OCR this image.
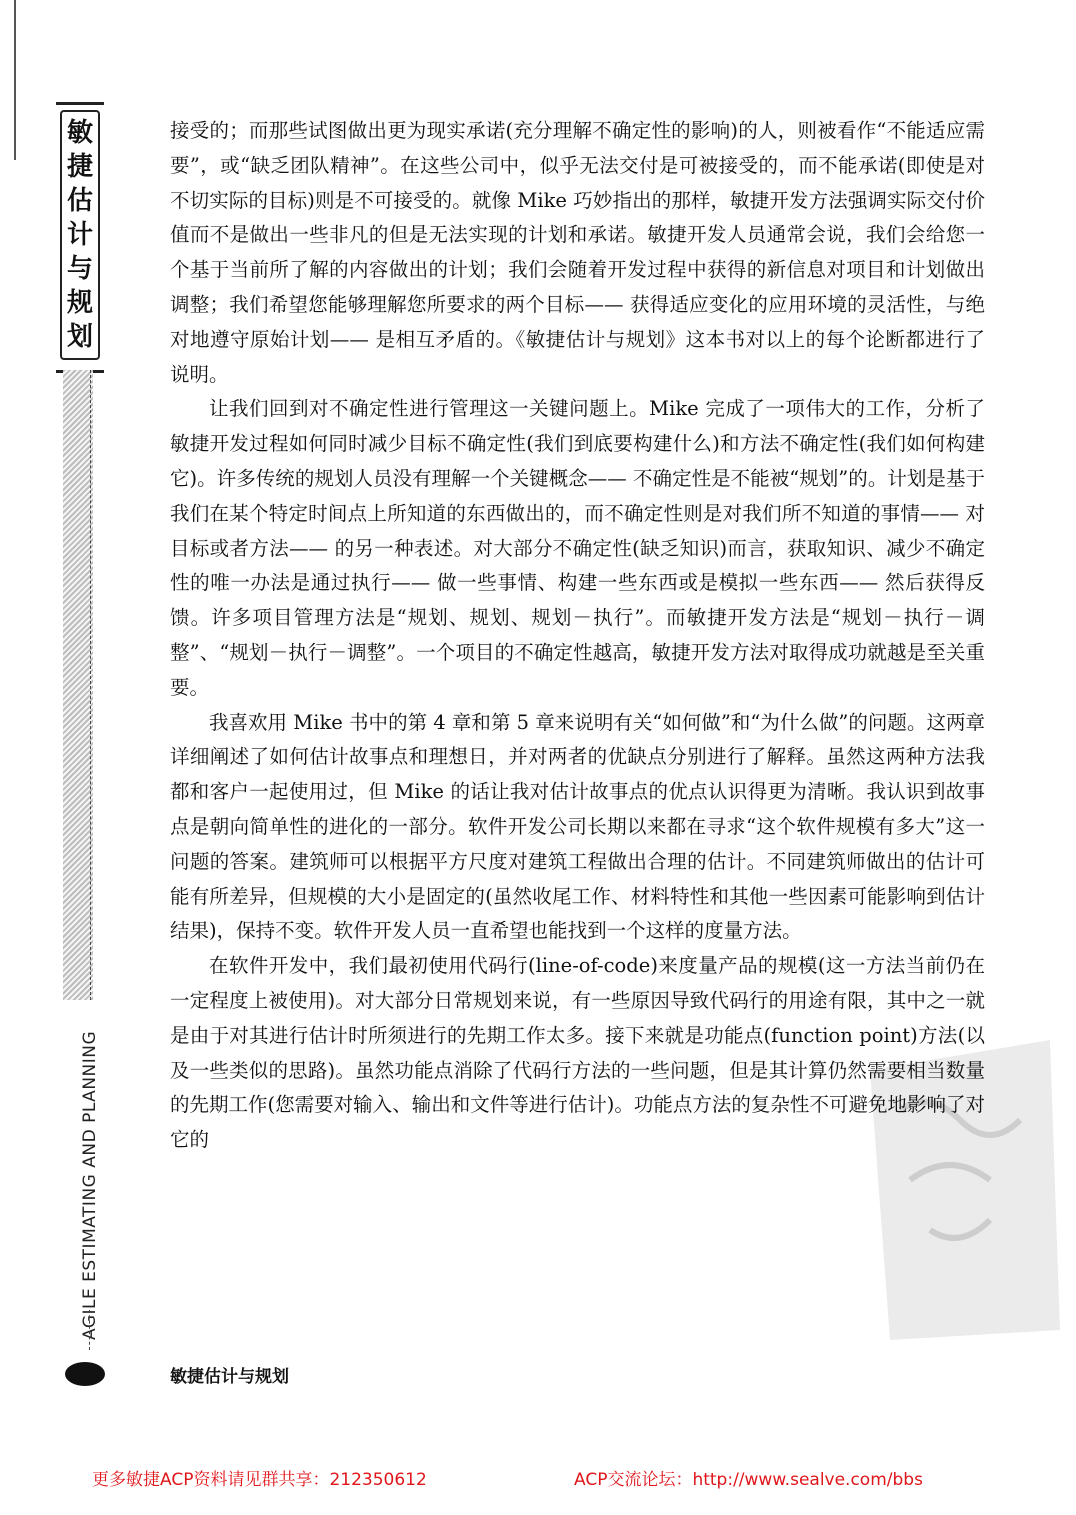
敏
捷
估
计
与
规
划
AGILE ESTIMATING AND PLANNING

接受的；而那些试图做出更为现实承诺(充分理解不确定性的影响)的人，则被看作“不能适应需要”，或“缺乏团队精神”。在这些公司中，似乎无法交付是可被接受的，而不能承诺(即使是对不切实际的目标)则是不可接受的。就像 Mike 巧妙指出的那样，敏捷开发方法强调实际交付价值而不是做出一些非凡的但是无法实现的计划和承诺。敏捷开发人员通常会说，我们会给您一个基于当前所了解的内容做出的计划；我们会随着开发过程中获得的新信息对项目和计划做出调整；我们希望您能够理解您所要求的两个目标—— 获得适应变化的应用环境的灵活性，与绝对地遵守原始计划—— 是相互矛盾的。《敏捷估计与规划》这本书对以上的每个论断都进行了说明。

让我们回到对不确定性进行管理这一关键问题上。Mike 完成了一项伟大的工作，分析了敏捷开发过程如何同时减少目标不确定性(我们到底要构建什么)和方法不确定性(我们如何构建它)。许多传统的规划人员没有理解一个关键概念—— 不确定性是不能被“规划”的。计划是基于我们在某个特定时间点上所知道的东西做出的，而不确定性则是对我们所不知道的事情—— 对目标或者方法—— 的另一种表述。对大部分不确定性(缺乏知识)而言，获取知识、减少不确定性的唯一办法是通过执行—— 做一些事情、构建一些东西或是模拟一些东西—— 然后获得反馈。许多项目管理方法是“规划、规划、规划－执行”。而敏捷开发方法是“规划－执行－调整”、“规划－执行－调整”。一个项目的不确定性越高，敏捷开发方法对取得成功就越是至关重要。

我喜欢用 Mike 书中的第 4 章和第 5 章来说明有关“如何做”和“为什么做”的问题。这两章详细阐述了如何估计故事点和理想日，并对两者的优缺点分别进行了解释。虽然这两种方法我都和客户一起使用过，但 Mike 的话让我对估计故事点的优点认识得更为清晰。我认识到故事点是朝向简单性的进化的一部分。软件开发公司长期以来都在寻求“这个软件规模有多大”这一问题的答案。建筑师可以根据平方尺度对建筑工程做出合理的估计。不同建筑师做出的估计可能有所差异，但规模的大小是固定的(虽然收尾工作、材料特性和其他一些因素可能影响到估计结果)，保持不变。软件开发人员一直希望也能找到一个这样的度量方法。

在软件开发中，我们最初使用代码行(line-of-code)来度量产品的规模(这一方法当前仍在一定程度上被使用)。对大部分日常规划来说，有一些原因导致代码行的用途有限，其中之一就是由于对其进行估计时所须进行的先期工作太多。接下来就是功能点(function point)方法(以及一些类似的思路)。虽然功能点消除了代码行方法的一些问题，但是其计算仍然需要相当数量的先期工作(您需要对输入、输出和文件等进行估计)。功能点方法的复杂性不可避免地影响了对它的

敏捷估计与规划
更多敏捷ACP资料请见群共享：212350612	ACP交流论坛：http://www.sealve.com/bbs
